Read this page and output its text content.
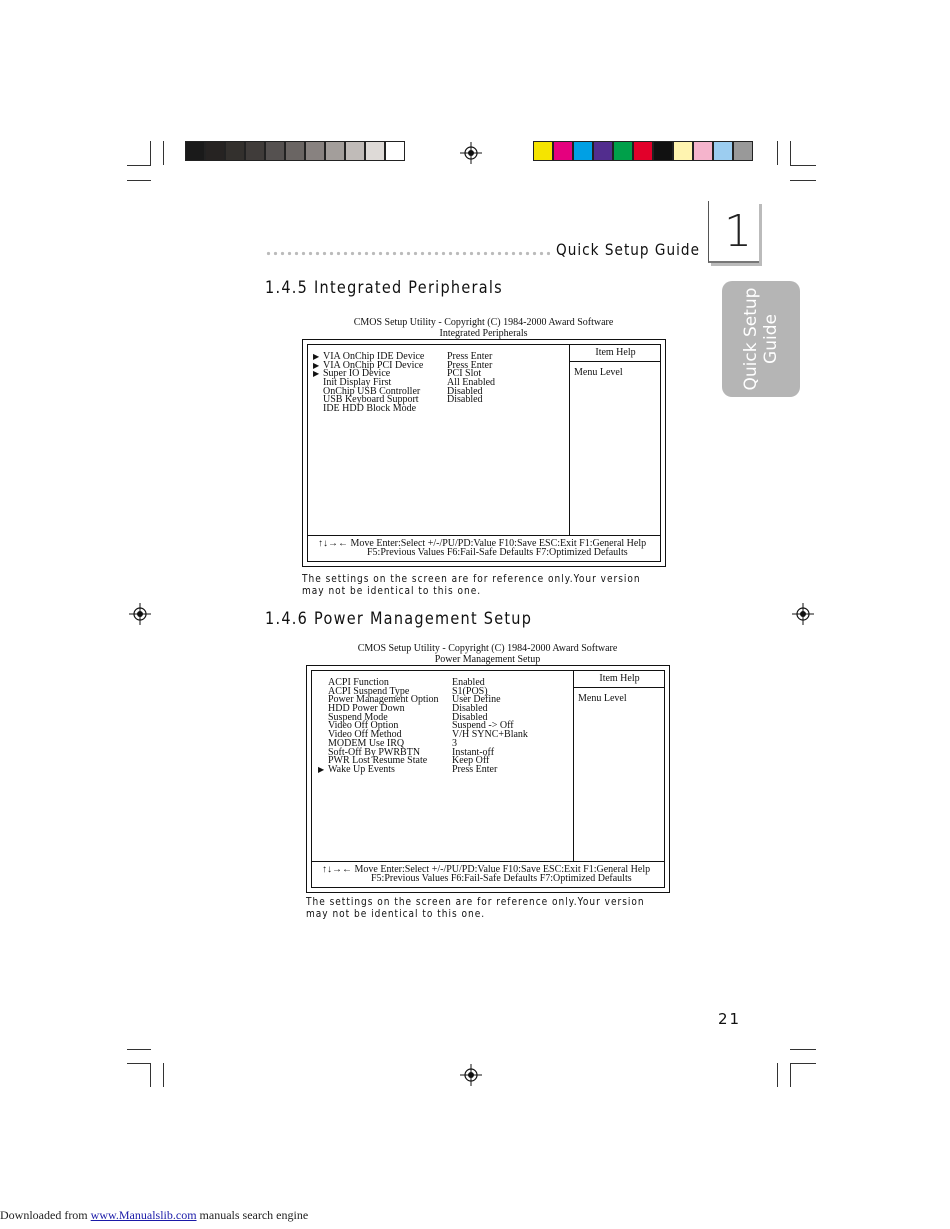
Quick Setup Guide 1
Quick Setup Guide
1.4.5 Integrated Peripherals
CMOS Setup Utility - Copyright (C) 1984-2000 Award Software
Integrated Peripherals
Item Help
Menu Level
▶ VIA OnChip IDE Device Press Enter
▶ VIA OnChip PCI Device Press Enter
▶ Super IO Device	PCI Slot
Init Display First	All Enabled
OnChip USB Controller	Disabled
USB Keyboard Support	Disabled
IDE HDD Block Mode
↑↓→← Move Enter:Select +/-/PU/PD:Value F10:Save ESC:Exit F1:General Help
F5:Previous Values F6:Fail-Safe Defaults F7:Optimized Defaults
The settings on the screen are for reference only.Your version may not be identical to this one.
1.4.6 Power Management Setup
CMOS Setup Utility - Copyright (C) 1984-2000 Award Software
Power Management Setup
Item Help
Menu Level
ACPI Function	Enabled
ACPI Suspend Type	S1(POS)
Power Management Option User Define
HDD Power Down	Disabled
Suspend Mode	Disabled
Video Off Option	Suspend -> Off
Video Off Method	V/H SYNC+Blank
MODEM Use IRQ	3
Soft-Off By PWRBTN	Instant-off
PWR Lost Resume State Keep Off
▶ Wake Up Events	Press Enter
↑↓→← Move Enter:Select +/-/PU/PD:Value F10:Save ESC:Exit F1:General Help
F5:Previous Values F6:Fail-Safe Defaults F7:Optimized Defaults
The settings on the screen are for reference only.Your version may not be identical to this one.
21
Downloaded from www.Manualslib.com manuals search engine
